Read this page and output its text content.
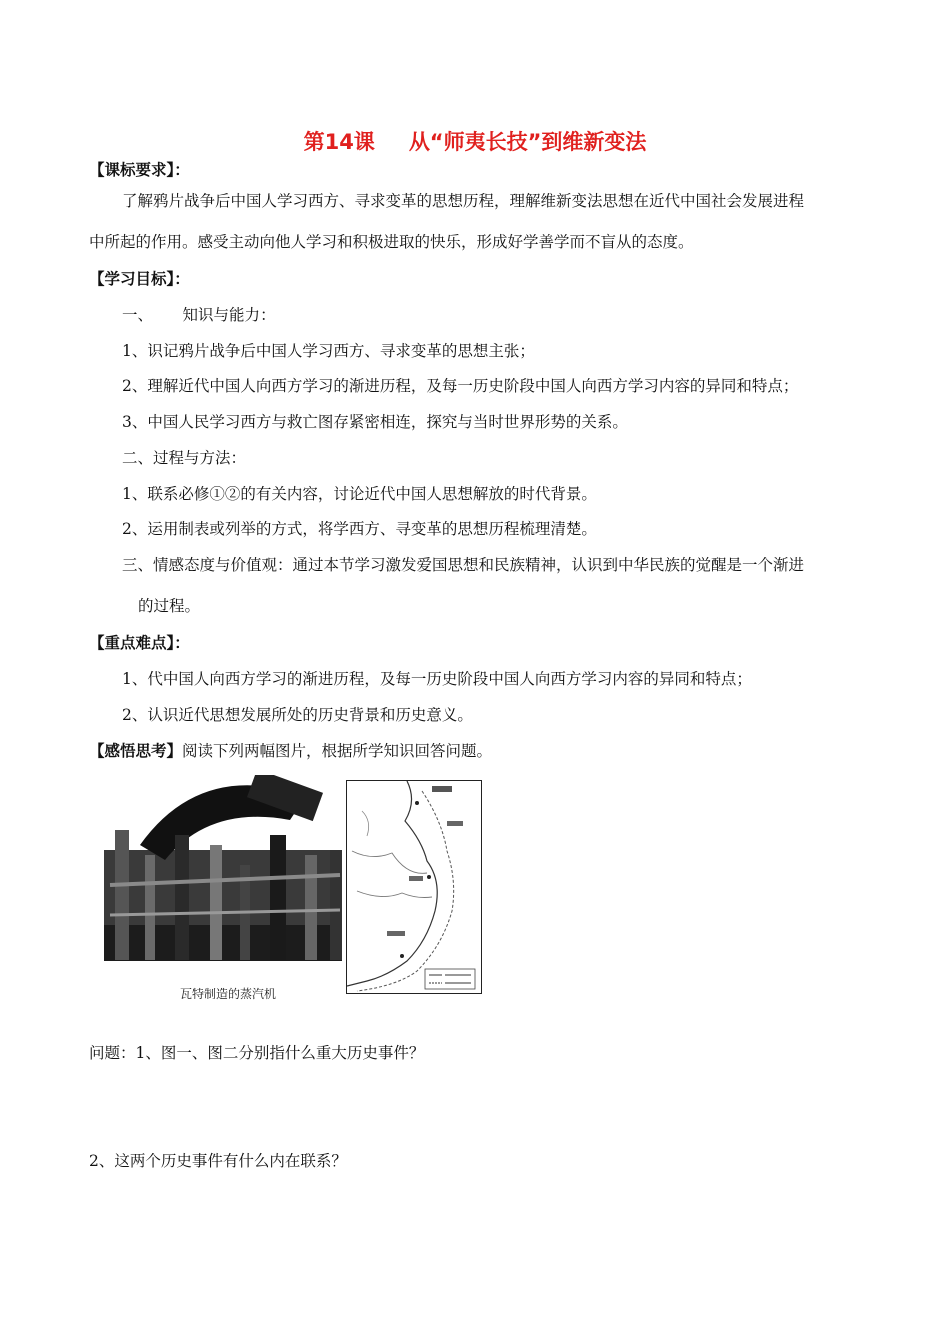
第14课 从“师夷长技”到维新变法
【课标要求】：
了解鸦片战争后中国人学习西方、寻求变革的思想历程，理解维新变法思想在近代中国社会发展进程
中所起的作用。感受主动向他人学习和积极进取的快乐，形成好学善学而不盲从的态度。
【学习目标】：
一、      知识与能力：
1、识记鸦片战争后中国人学习西方、寻求变革的思想主张；
2、理解近代中国人向西方学习的渐进历程，及每一历史阶段中国人向西方学习内容的异同和特点；
3、中国人民学习西方与救亡图存紧密相连，探究与当时世界形势的关系。
二、过程与方法：
1、联系必修①②的有关内容，讨论近代中国人思想解放的时代背景。
2、运用制表或列举的方式，将学西方、寻变革的思想历程梳理清楚。
三、情感态度与价值观：通过本节学习激发爱国思想和民族精神，认识到中华民族的觉醒是一个渐进
的过程。
【重点难点】：
1、代中国人向西方学习的渐进历程，及每一历史阶段中国人向西方学习内容的异同和特点；
2、认识近代思想发展所处的历史背景和历史意义。
【感悟思考】阅读下列两幅图片，根据所学知识回答问题。
瓦特制造的蒸汽机
问题：1、图一、图二分别指什么重大历史事件？
2、这两个历史事件有什么内在联系？
